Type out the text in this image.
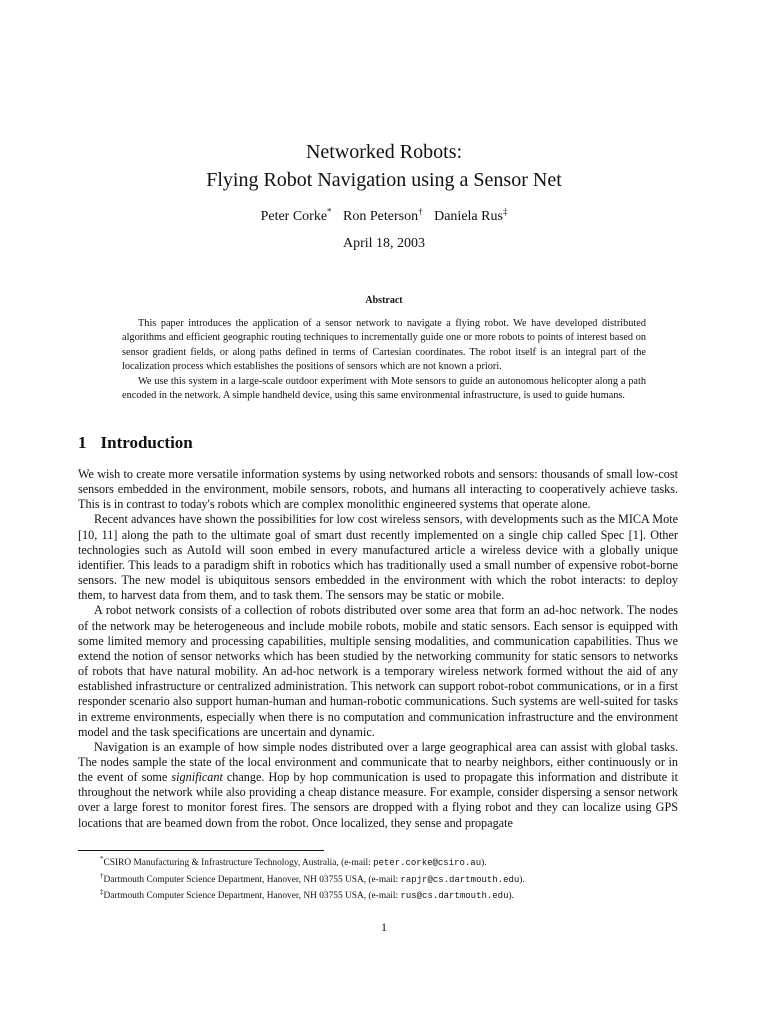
Networked Robots:
Flying Robot Navigation using a Sensor Net
Peter Corke* Ron Peterson† Daniela Rus‡
April 18, 2003
Abstract

This paper introduces the application of a sensor network to navigate a flying robot. We have developed distributed algorithms and efficient geographic routing techniques to incrementally guide one or more robots to points of interest based on sensor gradient fields, or along paths defined in terms of Cartesian coordinates. The robot itself is an integral part of the localization process which establishes the positions of sensors which are not known a priori.

We use this system in a large-scale outdoor experiment with Mote sensors to guide an autonomous helicopter along a path encoded in the network. A simple handheld device, using this same environmental infrastructure, is used to guide humans.

1 Introduction

We wish to create more versatile information systems by using networked robots and sensors: thousands of small low-cost sensors embedded in the environment, mobile sensors, robots, and humans all interacting to cooperatively achieve tasks. This is in contrast to today's robots which are complex monolithic engineered systems that operate alone.

Recent advances have shown the possibilities for low cost wireless sensors, with developments such as the MICA Mote [10, 11] along the path to the ultimate goal of smart dust recently implemented on a single chip called Spec [1]. Other technologies such as AutoId will soon embed in every manufactured article a wireless device with a globally unique identifier. This leads to a paradigm shift in robotics which has traditionally used a small number of expensive robot-borne sensors. The new model is ubiquitous sensors embedded in the environment with which the robot interacts: to deploy them, to harvest data from them, and to task them. The sensors may be static or mobile.

A robot network consists of a collection of robots distributed over some area that form an ad-hoc network. The nodes of the network may be heterogeneous and include mobile robots, mobile and static sensors. Each sensor is equipped with some limited memory and processing capabilities, multiple sensing modalities, and communication capabilities. Thus we extend the notion of sensor networks which has been studied by the networking community for static sensors to networks of robots that have natural mobility. An ad-hoc network is a temporary wireless network formed without the aid of any established infrastructure or centralized administration. This network can support robot-robot communications, or in a first responder scenario also support human-human and human-robotic communications. Such systems are well-suited for tasks in extreme environments, especially when there is no computation and communication infrastructure and the environment model and the task specifications are uncertain and dynamic.

Navigation is an example of how simple nodes distributed over a large geographical area can assist with global tasks. The nodes sample the state of the local environment and communicate that to nearby neighbors, either continuously or in the event of some significant change. Hop by hop communication is used to propagate this information and distribute it throughout the network while also providing a cheap distance measure. For example, consider dispersing a sensor network over a large forest to monitor forest fires. The sensors are dropped with a flying robot and they can localize using GPS locations that are beamed down from the robot. Once localized, they sense and propagate

*CSIRO Manufacturing & Infrastructure Technology, Australia, (e-mail: peter.corke@csiro.au).
†Dartmouth Computer Science Department, Hanover, NH 03755 USA, (e-mail: rapjr@cs.dartmouth.edu).
‡Dartmouth Computer Science Department, Hanover, NH 03755 USA, (e-mail: rus@cs.dartmouth.edu).
1
